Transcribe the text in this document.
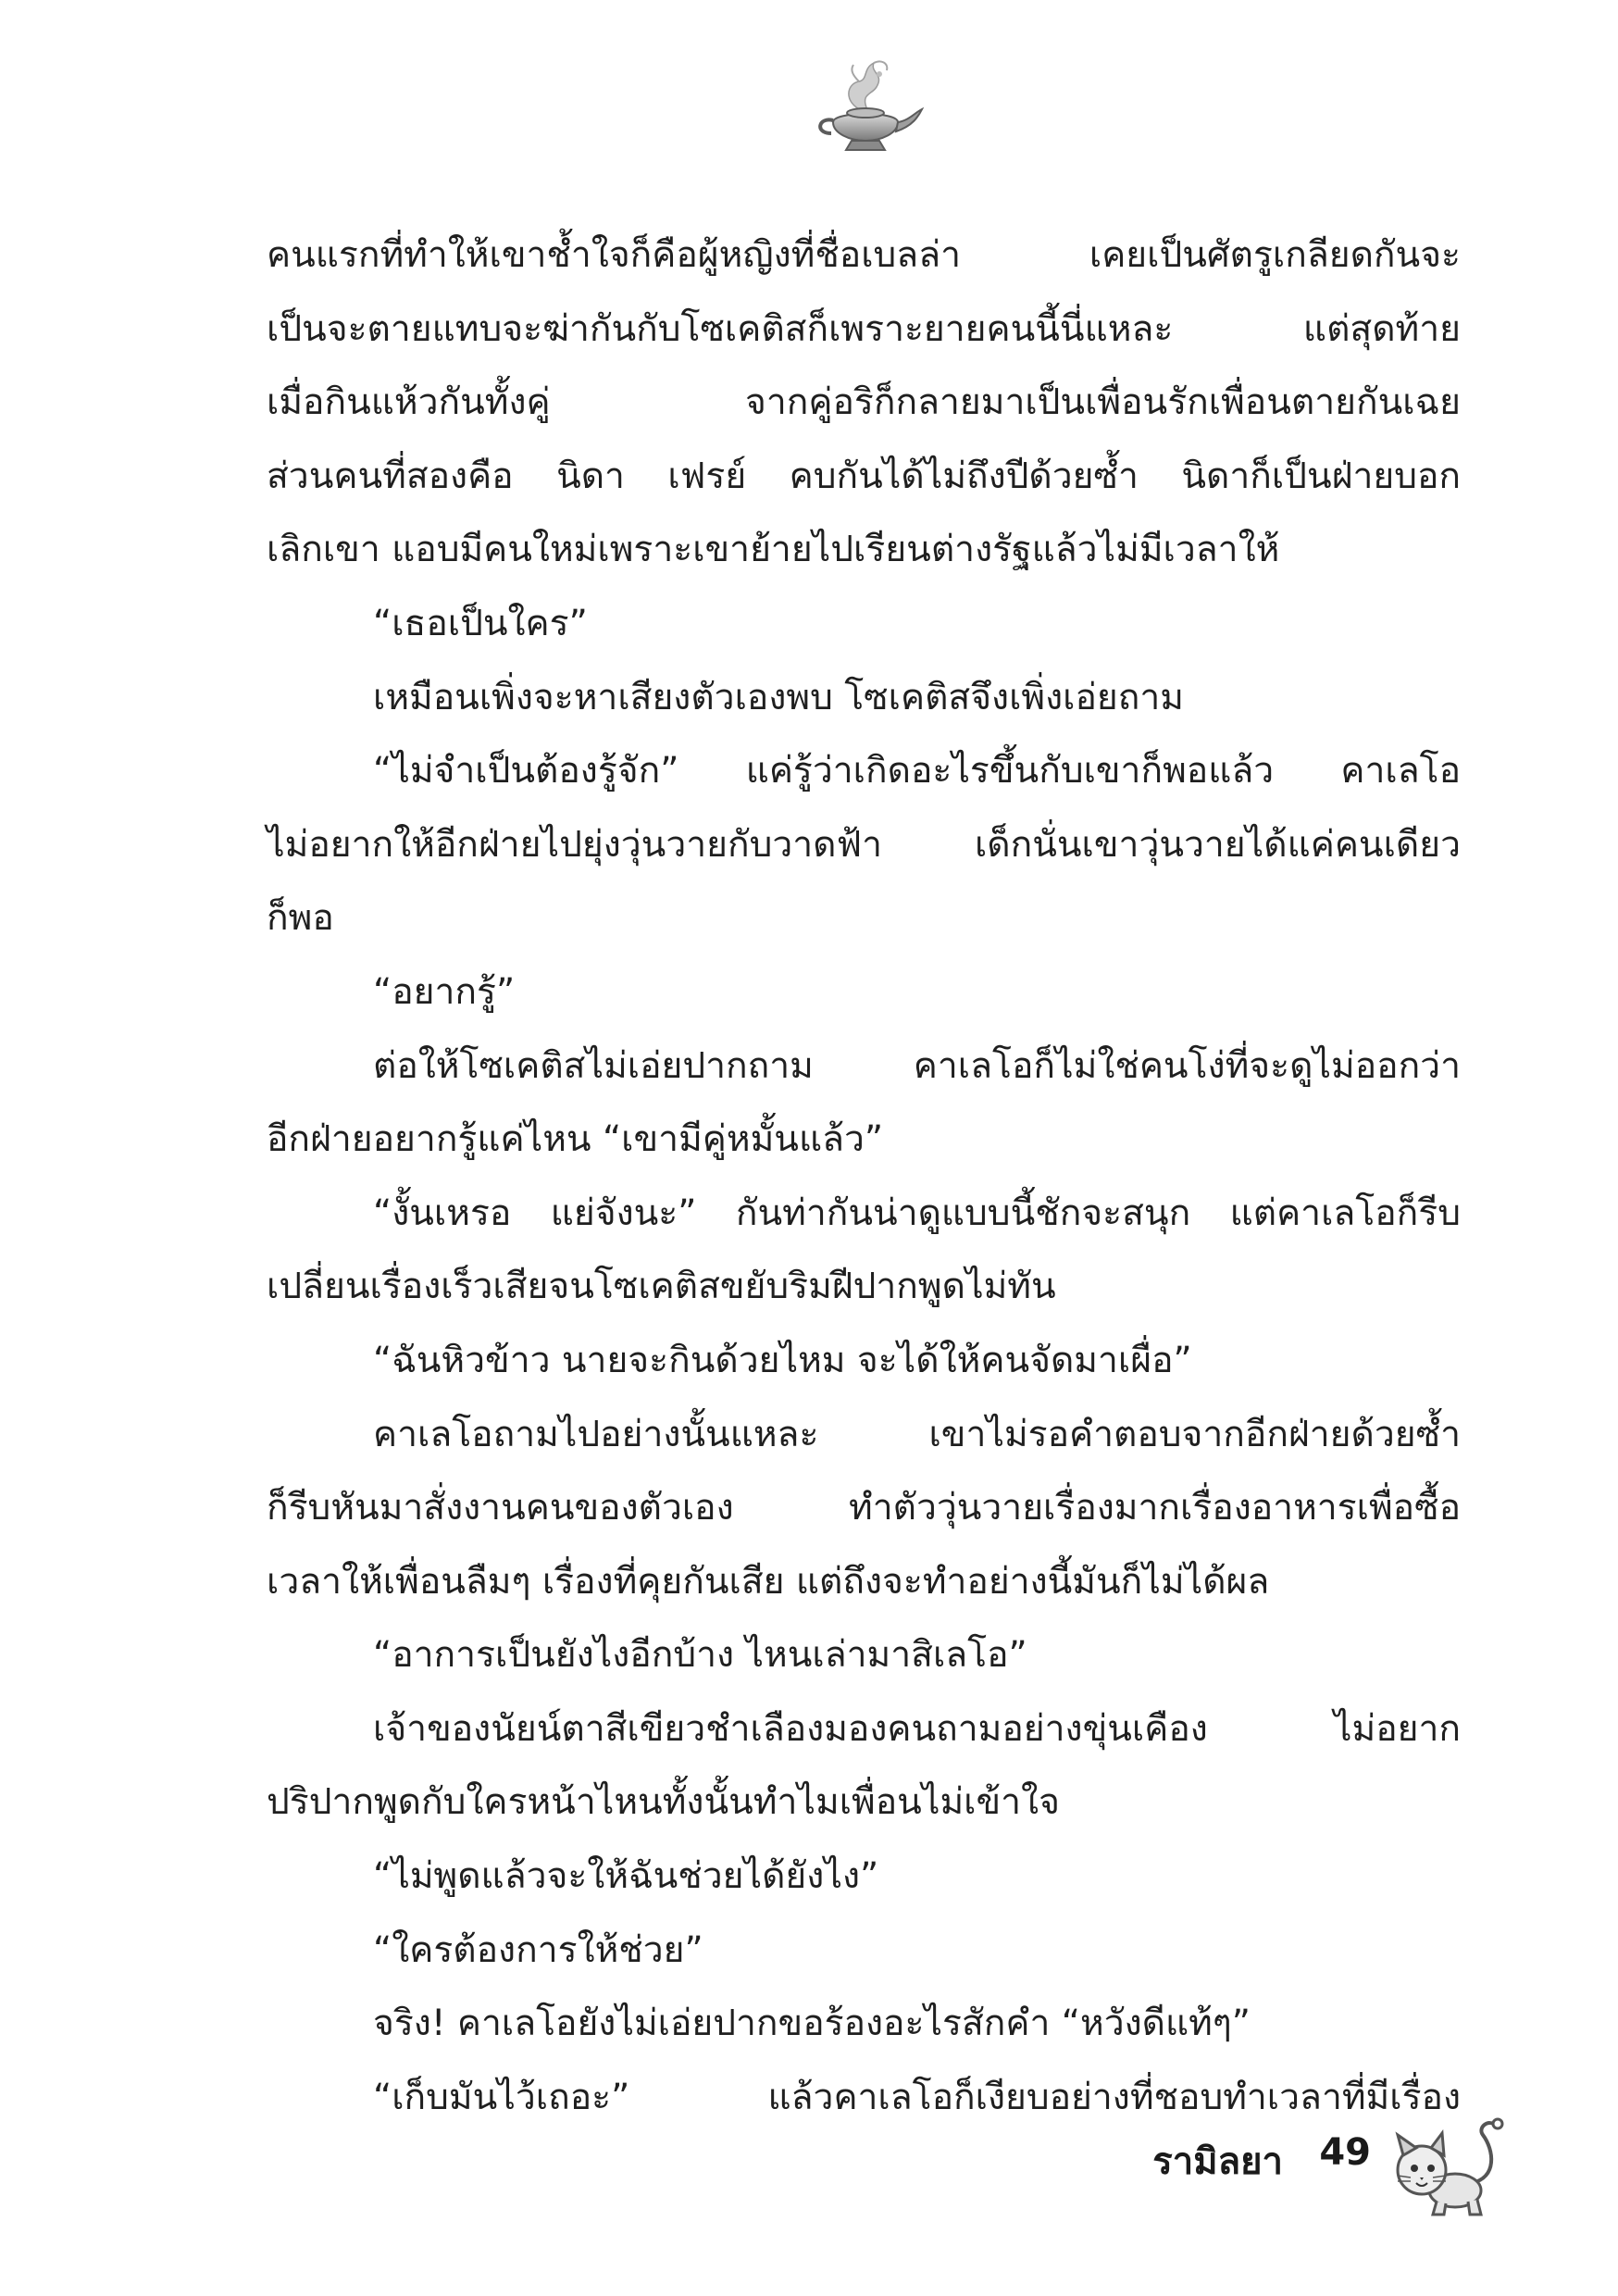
คนแรกที่ทำให้เขาช้ำใจก็คือผู้หญิงที่ชื่อเบลล่า เคยเป็นศัตรูเกลียดกันจะ
เป็นจะตายแทบจะฆ่ากันกับโซเคติสก็เพราะยายคนนี้นี่แหละ แต่สุดท้าย
เมื่อกินแห้วกันทั้งคู่ จากคู่อริก็กลายมาเป็นเพื่อนรักเพื่อนตายกันเฉย
ส่วนคนที่สองคือ นิดา เฟรย์ คบกันได้ไม่ถึงปีด้วยซ้ำ นิดาก็เป็นฝ่ายบอก
เลิกเขา แอบมีคนใหม่เพราะเขาย้ายไปเรียนต่างรัฐแล้วไม่มีเวลาให้
“เธอเป็นใคร”
เหมือนเพิ่งจะหาเสียงตัวเองพบ โซเคติสจึงเพิ่งเอ่ยถาม
“ไม่จำเป็นต้องรู้จัก” แค่รู้ว่าเกิดอะไรขึ้นกับเขาก็พอแล้ว คาเลโอ
ไม่อยากให้อีกฝ่ายไปยุ่งวุ่นวายกับวาดฟ้า เด็กนั่นเขาวุ่นวายได้แค่คนเดียว
ก็พอ
“อยากรู้”
ต่อให้โซเคติสไม่เอ่ยปากถาม คาเลโอก็ไม่ใช่คนโง่ที่จะดูไม่ออกว่า
อีกฝ่ายอยากรู้แค่ไหน “เขามีคู่หมั้นแล้ว”
“งั้นเหรอ แย่จังนะ” กันท่ากันน่าดูแบบนี้ชักจะสนุก แต่คาเลโอก็รีบ
เปลี่ยนเรื่องเร็วเสียจนโซเคติสขยับริมฝีปากพูดไม่ทัน
“ฉันหิวข้าว นายจะกินด้วยไหม จะได้ให้คนจัดมาเผื่อ”
คาเลโอถามไปอย่างนั้นแหละ เขาไม่รอคำตอบจากอีกฝ่ายด้วยซ้ำ
ก็รีบหันมาสั่งงานคนของตัวเอง ทำตัววุ่นวายเรื่องมากเรื่องอาหารเพื่อซื้อ
เวลาให้เพื่อนลืมๆ เรื่องที่คุยกันเสีย แต่ถึงจะทำอย่างนี้มันก็ไม่ได้ผล
“อาการเป็นยังไงอีกบ้าง ไหนเล่ามาสิเลโอ”
เจ้าของนัยน์ตาสีเขียวชำเลืองมองคนถามอย่างขุ่นเคือง ไม่อยาก
ปริปากพูดกับใครหน้าไหนทั้งนั้นทำไมเพื่อนไม่เข้าใจ
“ไม่พูดแล้วจะให้ฉันช่วยได้ยังไง”
“ใครต้องการให้ช่วย”
จริง! คาเลโอยังไม่เอ่ยปากขอร้องอะไรสักคำ “หวังดีแท้ๆ”
“เก็บมันไว้เถอะ” แล้วคาเลโอก็เงียบอย่างที่ชอบทำเวลาที่มีเรื่อง
รามิลยา 49
